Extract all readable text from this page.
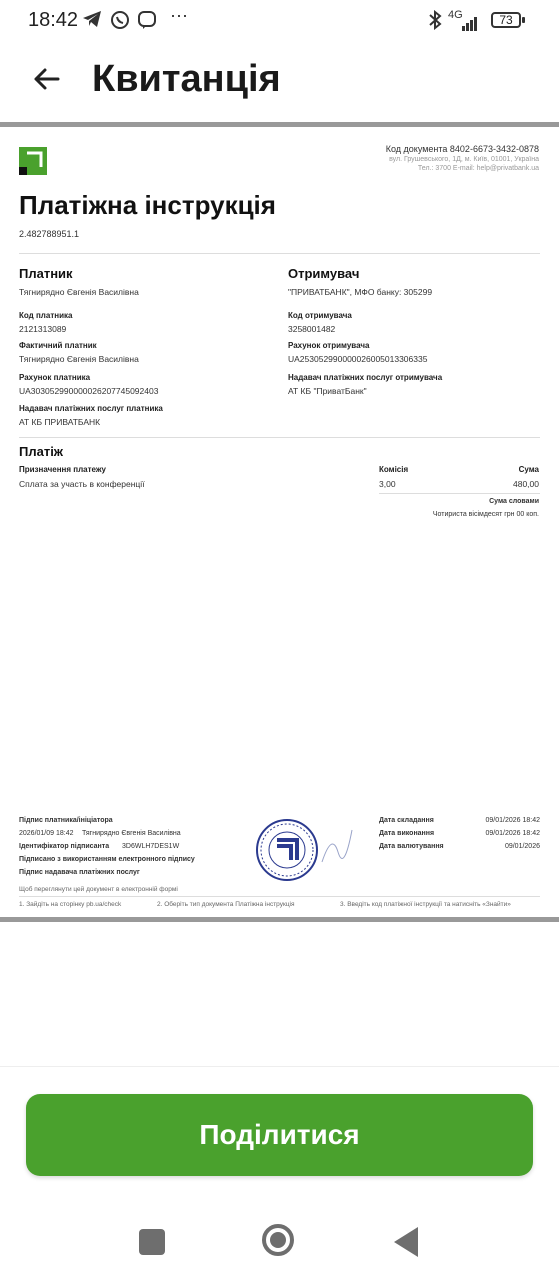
18:42	⋯	4G	73
Квитанція
Код документа 8402-6673-3432-0878
вул. Грушевського, 1Д, м. Київ, 01001, Україна
Тел.: 3700 E-mail: help@privatbank.ua
Платіжна інструкція
2.482788951.1
Платник
Тягнирядно Євгенія Василівна
Код платника
2121313089
Фактичний платник
Тягнирядно Євгенія Василівна
Рахунок платника
UA303052990000026207745092403
Надавач платіжних послуг платника
АТ КБ ПРИВАТБАНК
Отримувач
"ПРИВАТБАНК", МФО банку: 305299
Код отримувача
3258001482
Рахунок отримувача
UA253052990000026005013306335
Надавач платіжних послуг отримувача
АТ КБ "ПриватБанк"
Платіж
Призначення платежу
Сплата за участь в конференції
Комісія
3,00
Сума
480,00
Сума словами
Чотириста вісімдесят грн 00 коп.
Підпис платника/ініціатора
2026/01/09 18:42 Тягнирядно Євгенія Василівна
Ідентифікатор підписанта 3D6WLH7DES1W
Підписано з використанням електронного підпису
Підпис надавача платіжних послуг
Щоб переглянути цей документ в електронній формі
1. Зайдіть на сторінку pb.ua/check	2. Оберіть тип документа Платіжна інструкція	3. Введіть код платіжної інструкції та натисніть «Знайти»
Дата складання	09/01/2026 18:42
Дата виконання	09/01/2026 18:42
Дата валютування	09/01/2026
Поділитися
